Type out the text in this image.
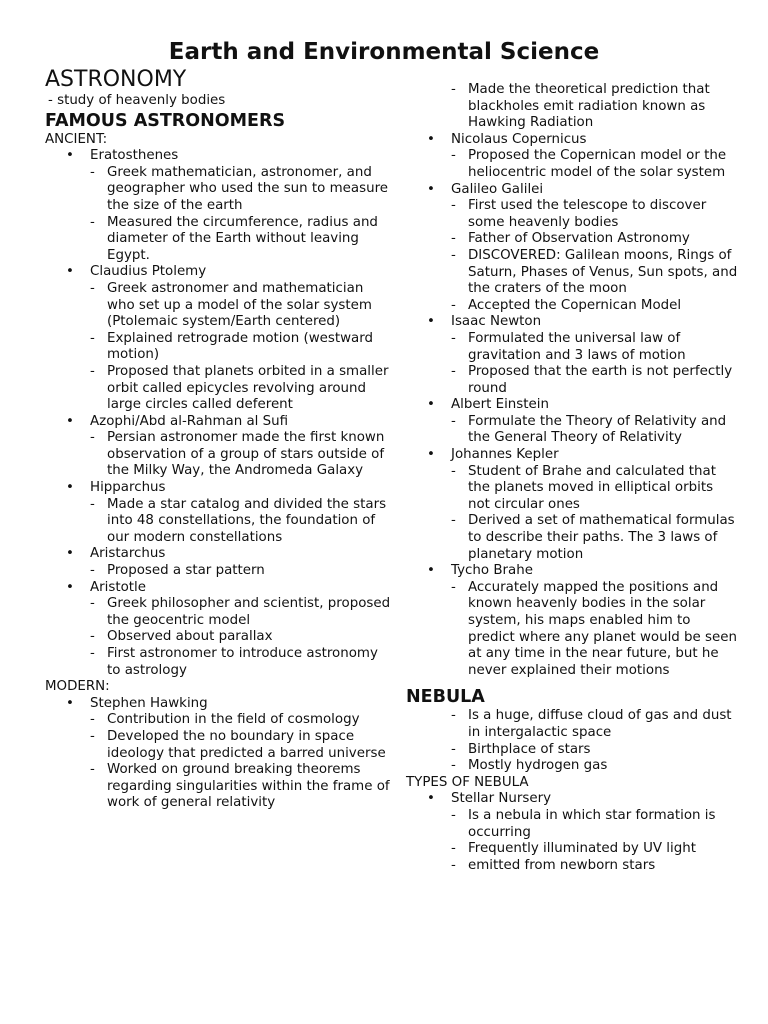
Earth and Environmental Science
ASTRONOMY

- study of heavenly bodies

FAMOUS ASTRONOMERS

ANCIENT:

• Eratosthenes
- Greek mathematician, astronomer, and geographer who used the sun to measure the size of the earth
- Measured the circumference, radius and diameter of the Earth without leaving Egypt.
• Claudius Ptolemy
- Greek astronomer and mathematician who set up a model of the solar system (Ptolemaic system/Earth centered)
- Explained retrograde motion (westward motion)
- Proposed that planets orbited in a smaller orbit called epicycles revolving around large circles called deferent
• Azophi/Abd al-Rahman al Sufi
- Persian astronomer made the first known observation of a group of stars outside of the Milky Way, the Andromeda Galaxy
• Hipparchus
- Made a star catalog and divided the stars into 48 constellations, the foundation of our modern constellations
• Aristarchus
- Proposed a star pattern
• Aristotle
- Greek philosopher and scientist, proposed the geocentric model
- Observed about parallax
- First astronomer to introduce astronomy to astrology

MODERN:

• Stephen Hawking
- Contribution in the field of cosmology
- Developed the no boundary in space ideology that predicted a barred universe
- Worked on ground breaking theorems regarding singularities within the frame of work of general relativity
- Made the theoretical prediction that blackholes emit radiation known as Hawking Radiation
• Nicolaus Copernicus
- Proposed the Copernican model or the heliocentric model of the solar system
• Galileo Galilei
- First used the telescope to discover some heavenly bodies
- Father of Observation Astronomy
- DISCOVERED: Galilean moons, Rings of Saturn, Phases of Venus, Sun spots, and the craters of the moon
- Accepted the Copernican Model
• Isaac Newton
- Formulated the universal law of gravitation and 3 laws of motion
- Proposed that the earth is not perfectly round
• Albert Einstein
- Formulate the Theory of Relativity and the General Theory of Relativity
• Johannes Kepler
- Student of Brahe and calculated that the planets moved in elliptical orbits not circular ones
- Derived a set of mathematical formulas to describe their paths. The 3 laws of planetary motion
• Tycho Brahe
- Accurately mapped the positions and known heavenly bodies in the solar system, his maps enabled him to predict where any planet would be seen at any time in the near future, but he never explained their motions
NEBULA
- Is a huge, diffuse cloud of gas and dust in intergalactic space
- Birthplace of stars
- Mostly hydrogen gas

TYPES OF NEBULA

• Stellar Nursery
- Is a nebula in which star formation is occurring
- Frequently illuminated by UV light
- emitted from newborn stars
